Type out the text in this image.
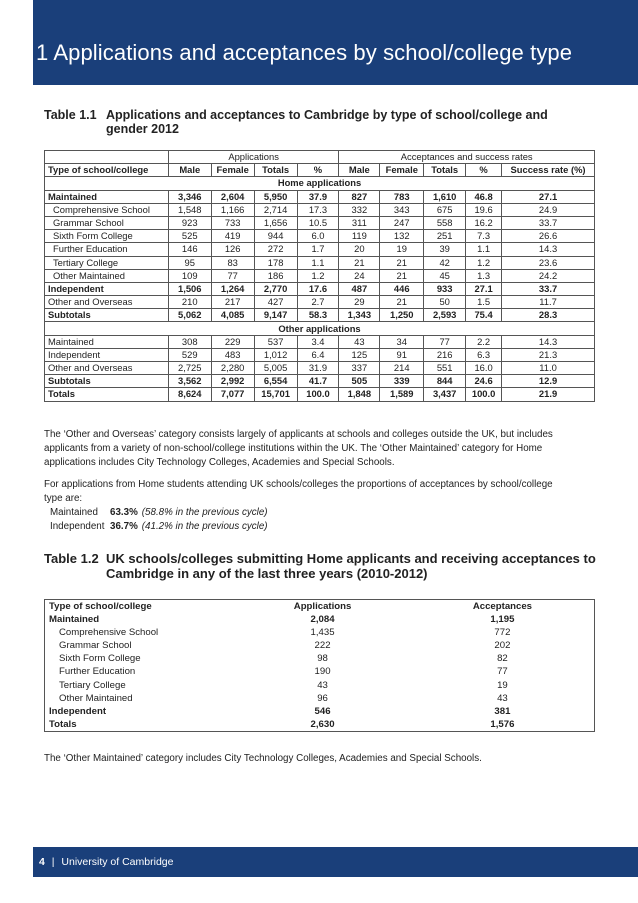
1 Applications and acceptances by school/college type
Table 1.1 Applications and acceptances to Cambridge by type of school/college and
gender 2012
	Applications				Acceptances and success rates				
Type of school/college	Male	Female	Totals	%	Male	Female	Totals	%	Success rate (%)
Home applications									
Maintained	3,346	2,604	5,950	37.9	827	783	1,610	46.8	27.1
Comprehensive School	1,548	1,166	2,714	17.3	332	343	675	19.6	24.9
Grammar School	923	733	1,656	10.5	311	247	558	16.2	33.7
Sixth Form College	525	419	944	6.0	119	132	251	7.3	26.6
Further Education	146	126	272	1.7	20	19	39	1.1	14.3
Tertiary College	95	83	178	1.1	21	21	42	1.2	23.6
Other Maintained	109	77	186	1.2	24	21	45	1.3	24.2
Independent	1,506	1,264	2,770	17.6	487	446	933	27.1	33.7
Other and Overseas	210	217	427	2.7	29	21	50	1.5	11.7
Subtotals	5,062	4,085	9,147	58.3	1,343	1,250	2,593	75.4	28.3
Other applications									
Maintained	308	229	537	3.4	43	34	77	2.2	14.3
Independent	529	483	1,012	6.4	125	91	216	6.3	21.3
Other and Overseas	2,725	2,280	5,005	31.9	337	214	551	16.0	11.0
Subtotals	3,562	2,992	6,554	41.7	505	339	844	24.6	12.9
Totals	8,624	7,077	15,701	100.0	1,848	1,589	3,437	100.0	21.9

The ‘Other and Overseas’ category consists largely of applicants at schools and colleges outside the UK, but includes

applicants from a variety of non-school/college institutions within the UK. The ‘Other Maintained’ category for Home

applications includes City Technology Colleges, Academies and Special Schools.

For applications from Home students attending UK schools/colleges the proportions of acceptances by school/college

type are:

Maintained	63.3% (58.8% in the previous cycle)
Independent 36.7% (41.2% in the previous cycle)
Table 1.2 UK schools/colleges submitting Home applicants and receiving acceptances to
Cambridge in any of the last three years (2010-2012)
Type of school/college	Applications	Acceptances
Maintained	2,084	1,195
Comprehensive School	1,435	772
Grammar School	222	202
Sixth Form College	98	82
Further Education	190	77
Tertiary College	43	19
Other Maintained	96	43
Independent	546	381
Totals	2,630	1,576
The ‘Other Maintained’ category includes City Technology Colleges, Academies and Special Schools.
4 | University of Cambridge
